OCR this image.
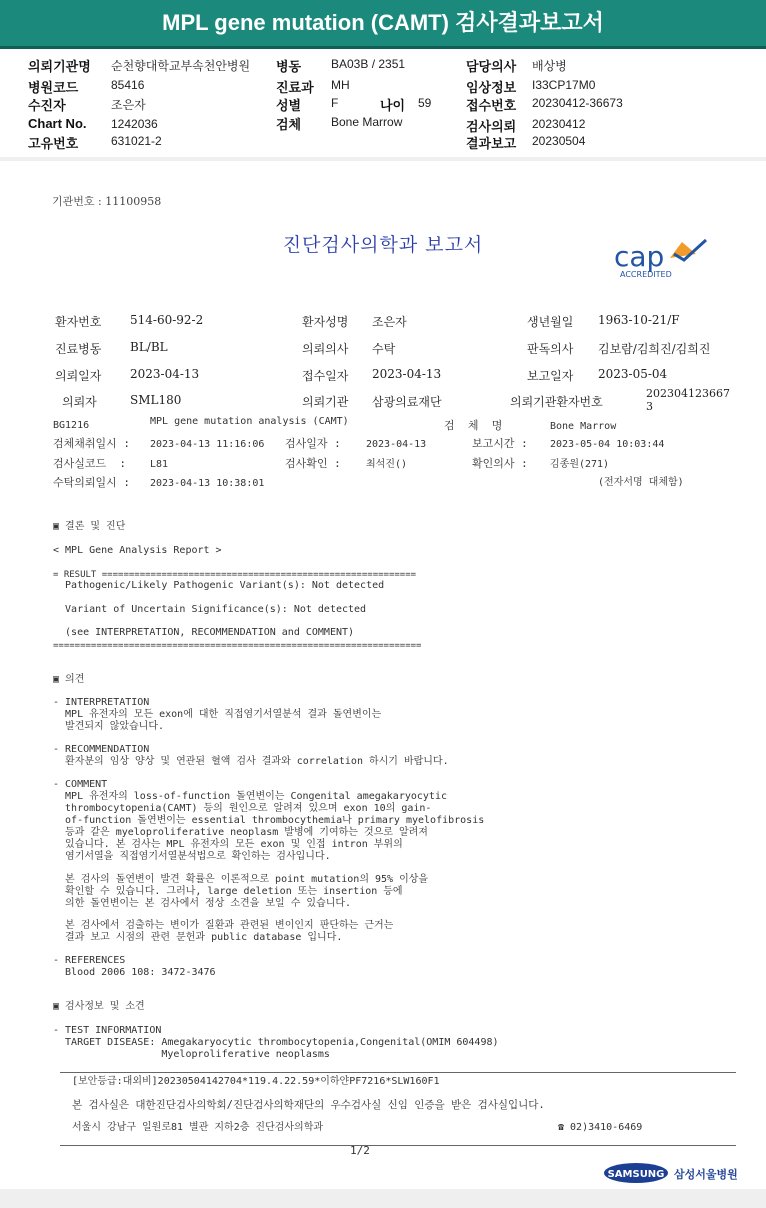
MPL gene mutation (CAMT) 검사결과보고서
의뢰기관명 순천향대학교부속천안병원
병원코드	85416
수진자	조은자
Chart No. 1242036
고유번호	631021-2
병동 BA03B / 2351
진료과 MH
성별 F	나이 59
검체 Bone Marrow
담당의사 배상병
임상정보 I33CP17M0
접수번호 20230412-36673
검사의뢰 20230412
결과보고 20230504
기관번호 : 11100958
진단검사의학과 보고서	cap
ACCREDITED
환자번호 514-60-92-2	환자성명 조은자	생년월일 1963-10-21/F
진료병동 BL/BL	의뢰의사 수탁	판독의사 김보람/김희진/김희진
의뢰일자 2023-04-13	접수일자 2023-04-13	보고일자 2023-05-04
의뢰자	SML180	의뢰기관 삼광의료재단	의뢰기관환자번호
202304123667
3
BG1216	MPL gene mutation analysis (CAMT)	검  체  명	Bone Marrow
검체채취일시 : 2023-04-13 11:16:06 검사일자 :	2023-04-13	보고시간 : 2023-05-04 10:03:44
검사실코드  : L81	검사확인 :	최석진()	확인의사 : 김종원(271)
수탁의뢰일시 : 2023-04-13 10:38:01	(전자서명 대체함)
▣ 결론 및 진단
< MPL Gene Analysis Report >
= RESULT ==========================================================
Pathogenic/Likely Pathogenic Variant(s): Not detected
Variant of Uncertain Significance(s): Not detected
(see INTERPRETATION, RECOMMENDATION and COMMENT)
====================================================================
▣ 의견
- INTERPRETATION
MPL 유전자의 모든 exon에 대한 직접염기서열분석 결과 돌연변이는
발견되지 않았습니다.
- RECOMMENDATION
환자분의 임상 양상 및 연관된 혈액 검사 결과와 correlation 하시기 바랍니다.
- COMMENT
MPL 유전자의 loss-of-function 돌연변이는 Congenital amegakaryocytic
thrombocytopenia(CAMT) 등의 원인으로 알려져 있으며 exon 10의 gain-
of-function 돌연변이는 essential thrombocythemia나 primary myelofibrosis
등과 같은 myeloproliferative neoplasm 발병에 기여하는 것으로 알려져
있습니다. 본 검사는 MPL 유전자의 모든 exon 및 인접 intron 부위의
염기서열을 직접염기서열분석법으로 확인하는 검사입니다.
본 검사의 돌연변이 발견 확률은 이론적으로 point mutation의 95% 이상을
확인할 수 있습니다. 그러나, large deletion 또는 insertion 등에
의한 돌연변이는 본 검사에서 정상 소견을 보일 수 있습니다.
본 검사에서 검출하는 변이가 질환과 관련된 변이인지 판단하는 근거는
결과 보고 시점의 관련 문헌과 public database 입니다.
- REFERENCES
Blood 2006 108: 3472-3476
▣ 검사정보 및 소견
- TEST INFORMATION
TARGET DISEASE: Amegakaryocytic thrombocytopenia,Congenital(OMIM 604498)
Myeloproliferative neoplasms
[보안등급:대외비]20230504142704*119.4.22.59*이하얀PF7216*SLW160F1
본 검사실은 대한진단검사의학회/진단검사의학재단의 우수검사실 신임 인증을 받은 검사실입니다.
서울시 강남구 일원로81 별관 지하2층 진단검사의학과	☎ 02)3410-6469
1/2
SAMSUNG 삼성서울병원
